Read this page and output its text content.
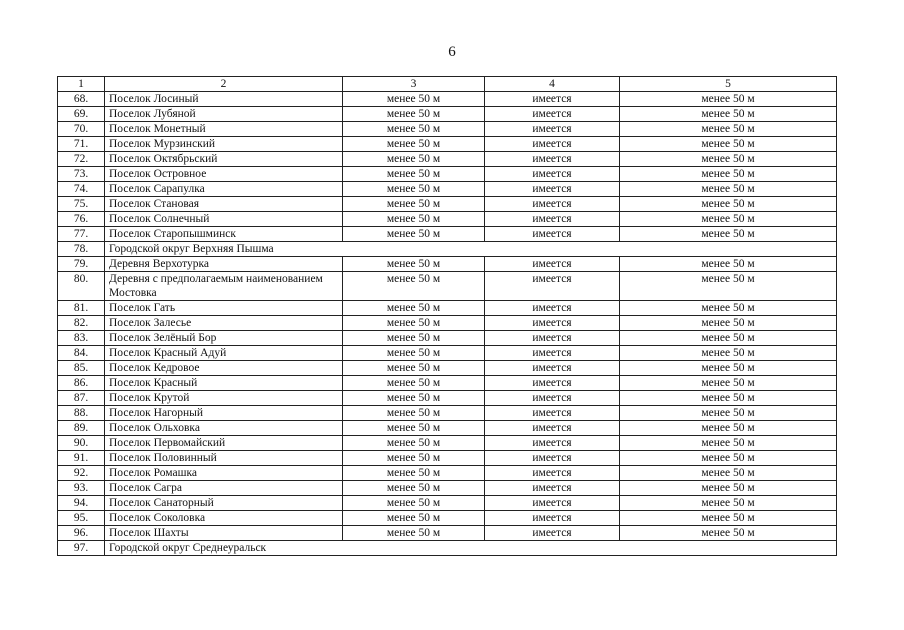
6
1	2	3	4	5
68.	Поселок Лосиный	менее 50 м	имеется	менее 50 м
69.	Поселок Лубяной	менее 50 м	имеется	менее 50 м
70.	Поселок Монетный	менее 50 м	имеется	менее 50 м
71.	Поселок Мурзинский	менее 50 м	имеется	менее 50 м
72.	Поселок Октябрьский	менее 50 м	имеется	менее 50 м
73.	Поселок Островное	менее 50 м	имеется	менее 50 м
74.	Поселок Сарапулка	менее 50 м	имеется	менее 50 м
75.	Поселок Становая	менее 50 м	имеется	менее 50 м
76.	Поселок Солнечный	менее 50 м	имеется	менее 50 м
77.	Поселок Старопышминск	менее 50 м	имеется	менее 50 м
78.	Городской округ Верхняя Пышма			
79.	Деревня Верхотурка	менее 50 м	имеется	менее 50 м
80.	Деревня с предполагаемым наименованием Мостовка	менее 50 м	имеется	менее 50 м
81.	Поселок Гать	менее 50 м	имеется	менее 50 м
82.	Поселок Залесье	менее 50 м	имеется	менее 50 м
83.	Поселок Зелёный Бор	менее 50 м	имеется	менее 50 м
84.	Поселок Красный Адуй	менее 50 м	имеется	менее 50 м
85.	Поселок Кедровое	менее 50 м	имеется	менее 50 м
86.	Поселок Красный	менее 50 м	имеется	менее 50 м
87.	Поселок Крутой	менее 50 м	имеется	менее 50 м
88.	Поселок Нагорный	менее 50 м	имеется	менее 50 м
89.	Поселок Ольховка	менее 50 м	имеется	менее 50 м
90.	Поселок Первомайский	менее 50 м	имеется	менее 50 м
91.	Поселок Половинный	менее 50 м	имеется	менее 50 м
92.	Поселок Ромашка	менее 50 м	имеется	менее 50 м
93.	Поселок Сагра	менее 50 м	имеется	менее 50 м
94.	Поселок Санаторный	менее 50 м	имеется	менее 50 м
95.	Поселок Соколовка	менее 50 м	имеется	менее 50 м
96.	Поселок Шахты	менее 50 м	имеется	менее 50 м
97.	Городской округ Среднеуральск			
